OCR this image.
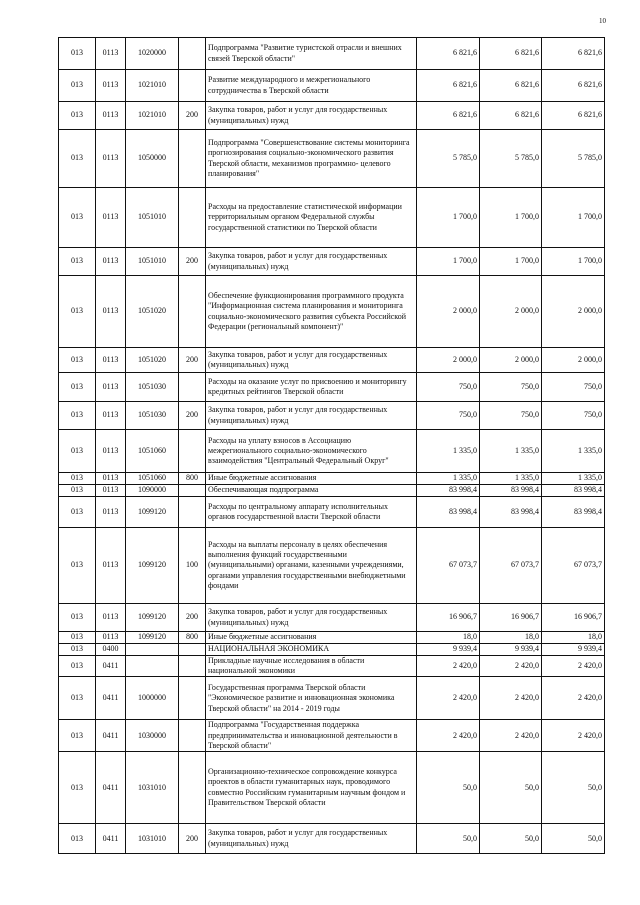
10
013	0113	1020000		Подпрограмма "Развитие туристской отрасли и внешних связей Тверской области"	6 821,6	6 821,6	6 821,6
013	0113	1021010		Развитие международного и межрегионального сотрудничества в Тверской области	6 821,6	6 821,6	6 821,6
013	0113	1021010	200	Закупка товаров, работ и услуг для государственных (муниципальных) нужд	6 821,6	6 821,6	6 821,6
013	0113	1050000		Подпрограмма "Совершенствование системы мониторинга прогнозирования социально-экономического развития Тверской области, механизмов программно- целевого планирования"	5 785,0	5 785,0	5 785,0
013	0113	1051010		Расходы на предоставление статистической информации территориальным органом Федеральной службы государственной статистики по Тверской области	1 700,0	1 700,0	1 700,0
013	0113	1051010	200	Закупка товаров, работ и услуг для государственных (муниципальных) нужд	1 700,0	1 700,0	1 700,0
013	0113	1051020		Обеспечение функционирования программного продукта "Информационная система планирования и мониторинга социально-экономического развития субъекта Российской Федерации (региональный компонент)"	2 000,0	2 000,0	2 000,0
013	0113	1051020	200	Закупка товаров, работ и услуг для государственных (муниципальных) нужд	2 000,0	2 000,0	2 000,0
013	0113	1051030		Расходы на оказание услуг по присвоению и мониторингу кредитных рейтингов Тверской области	750,0	750,0	750,0
013	0113	1051030	200	Закупка товаров, работ и услуг для государственных (муниципальных) нужд	750,0	750,0	750,0
013	0113	1051060		Расходы на уплату взносов в Ассоциацию межрегионального социально-экономического взаимодействия "Центральный Федеральный Округ"	1 335,0	1 335,0	1 335,0
013	0113	1051060	800	Иные бюджетные ассигнования	1 335,0	1 335,0	1 335,0
013	0113	1090000		Обеспечивающая подпрограмма	83 998,4	83 998,4	83 998,4
013	0113	1099120		Расходы по центральному аппарату исполнительных органов государственной власти Тверской области	83 998,4	83 998,4	83 998,4
013	0113	1099120	100	Расходы на выплаты персоналу в целях обеспечения выполнения функций государственными (муниципальными) органами, казенными учреждениями, органами управления государственными внебюджетными фондами	67 073,7	67 073,7	67 073,7
013	0113	1099120	200	Закупка товаров, работ и услуг для государственных (муниципальных) нужд	16 906,7	16 906,7	16 906,7
013	0113	1099120	800	Иные бюджетные ассигнования	18,0	18,0	18,0
013	0400			НАЦИОНАЛЬНАЯ ЭКОНОМИКА	9 939,4	9 939,4	9 939,4
013	0411			Прикладные научные исследования в области национальной экономики	2 420,0	2 420,0	2 420,0
013	0411	1000000		Государственная программа Тверской области "Экономическое развитие и инновационная экономика Тверской области" на 2014 - 2019 годы	2 420,0	2 420,0	2 420,0
013	0411	1030000		Подпрограмма "Государственная поддержка предпринимательства и инновационной деятельности в Тверской области"	2 420,0	2 420,0	2 420,0
013	0411	1031010		Организационно-техническое сопровождение конкурса проектов в области гуманитарных наук, проводимого совместно Российским гуманитарным научным фондом и Правительством Тверской области	50,0	50,0	50,0
013	0411	1031010	200	Закупка товаров, работ и услуг для государственных (муниципальных) нужд	50,0	50,0	50,0
